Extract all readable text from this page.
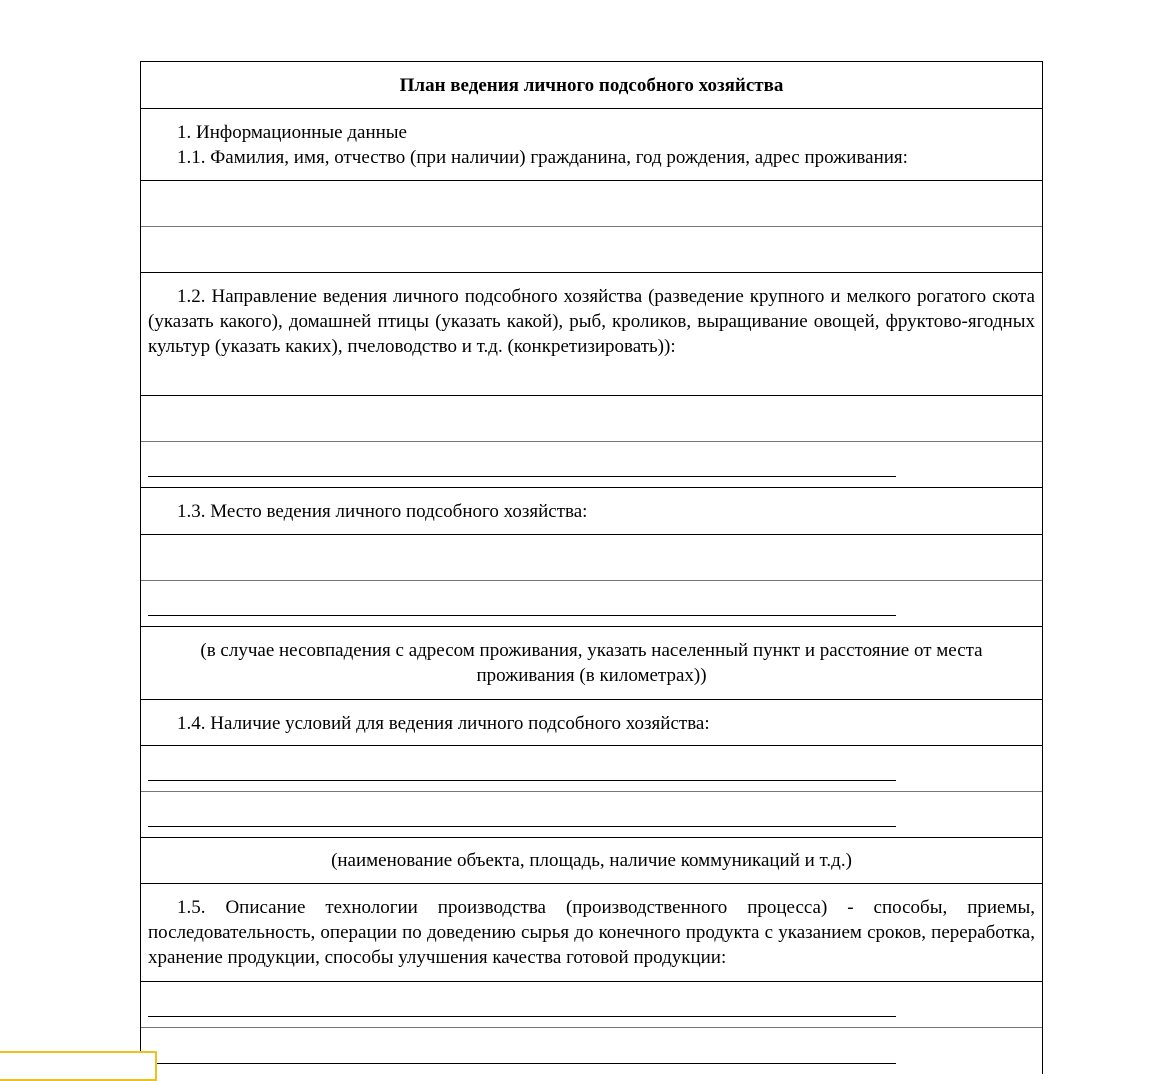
План ведения личного подсобного хозяйства
1. Информационные данные
1.1. Фамилия, имя, отчество (при наличии) гражданина, год рождения, адрес проживания:
1.2. Направление ведения личного подсобного хозяйства (разведение крупного и мелкого рогатого скота (указать какого), домашней птицы (указать какой), рыб, кроликов, выращивание овощей, фруктово-ягодных культур (указать каких), пчеловодство и т.д. (конкретизировать)):
1.3. Место ведения личного подсобного хозяйства:
(в случае несовпадения с адресом проживания, указать населенный пункт и расстояние от места проживания (в километрах))
1.4. Наличие условий для ведения личного подсобного хозяйства:
(наименование объекта, площадь, наличие коммуникаций и т.д.)
1.5. Описание технологии производства (производственного процесса) - способы, приемы, последовательность, операции по доведению сырья до конечного продукта с указанием сроков, переработка, хранение продукции, способы улучшения качества готовой продукции:
